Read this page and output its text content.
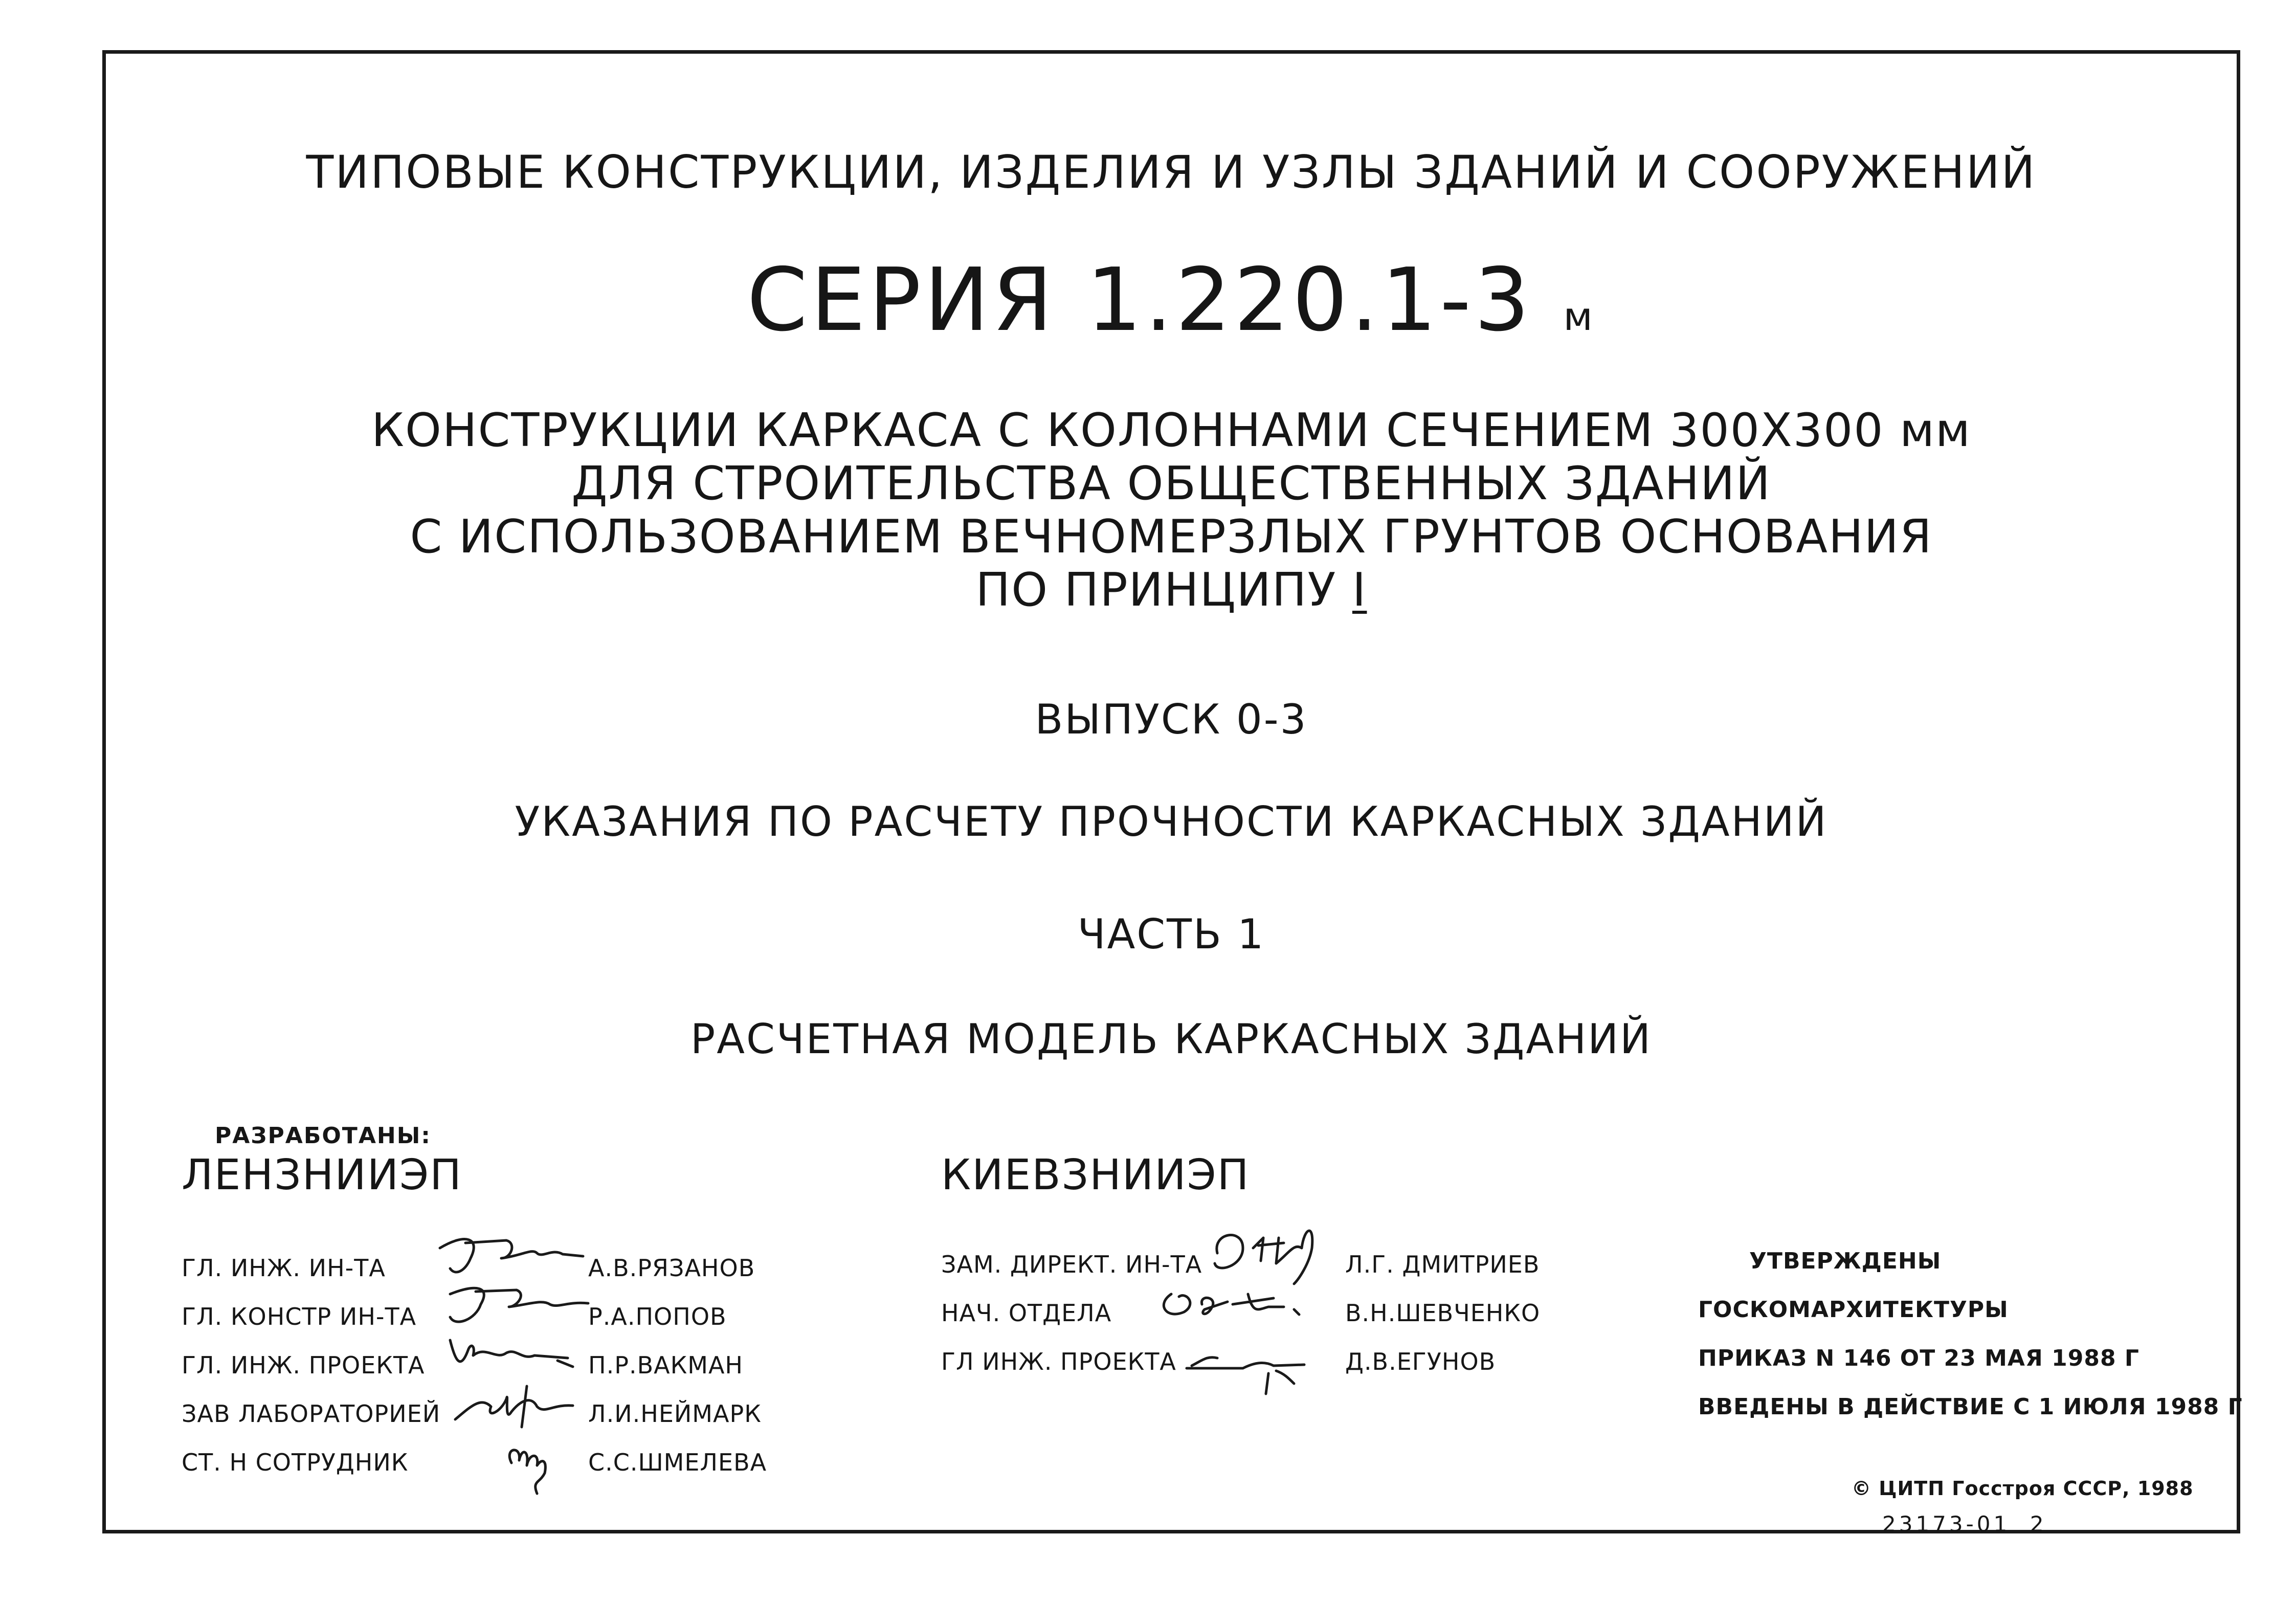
ТИПОВЫЕ КОНСТРУКЦИИ, ИЗДЕЛИЯ И УЗЛЫ ЗДАНИЙ И СООРУЖЕНИЙ
СЕРИЯ 1.220.1-3 м
КОНСТРУКЦИИ КАРКАСА С КОЛОННАМИ СЕЧЕНИЕМ 300Х300 мм
ДЛЯ СТРОИТЕЛЬСТВА ОБЩЕСТВЕННЫХ ЗДАНИЙ
С ИСПОЛЬЗОВАНИЕМ ВЕЧНОМЕРЗЛЫХ ГРУНТОВ ОСНОВАНИЯ
ПО ПРИНЦИПУ I
ВЫПУСК 0-3
УКАЗАНИЯ ПО РАСЧЕТУ ПРОЧНОСТИ КАРКАСНЫХ ЗДАНИЙ
ЧАСТЬ 1
РАСЧЕТНАЯ МОДЕЛЬ КАРКАСНЫХ ЗДАНИЙ
РАЗРАБОТАНЫ:
ЛЕНЗНИИЭП
ГЛ. ИНЖ. ИН-ТА	А.В.РЯЗАНОВ
ГЛ. КОНСТР ИН-ТА	Р.А.ПОПОВ
ГЛ. ИНЖ. ПРОЕКТА	П.Р.ВАКМАН
ЗАВ ЛАБОРАТОРИЕЙ	Л.И.НЕЙМАРК
СТ. Н СОТРУДНИК	С.С.ШМЕЛЕВА
КИЕВЗНИИЭП
ЗАМ. ДИРЕКТ. ИН-ТА	Л.Г. ДМИТРИЕВ
НАЧ. ОТДЕЛА	В.Н.ШЕВЧЕНКО
ГЛ ИНЖ. ПРОЕКТА	Д.В.ЕГУНОВ
УТВЕРЖДЕНЫ
ГОСКОМАРХИТЕКТУРЫ
ПРИКАЗ N 146 ОТ 23 МАЯ 1988 Г
ВВЕДЕНЫ В ДЕЙСТВИЕ С 1 ИЮЛЯ 1988 Г
© ЦИТП Госстроя СССР, 1988
23173-01 2
